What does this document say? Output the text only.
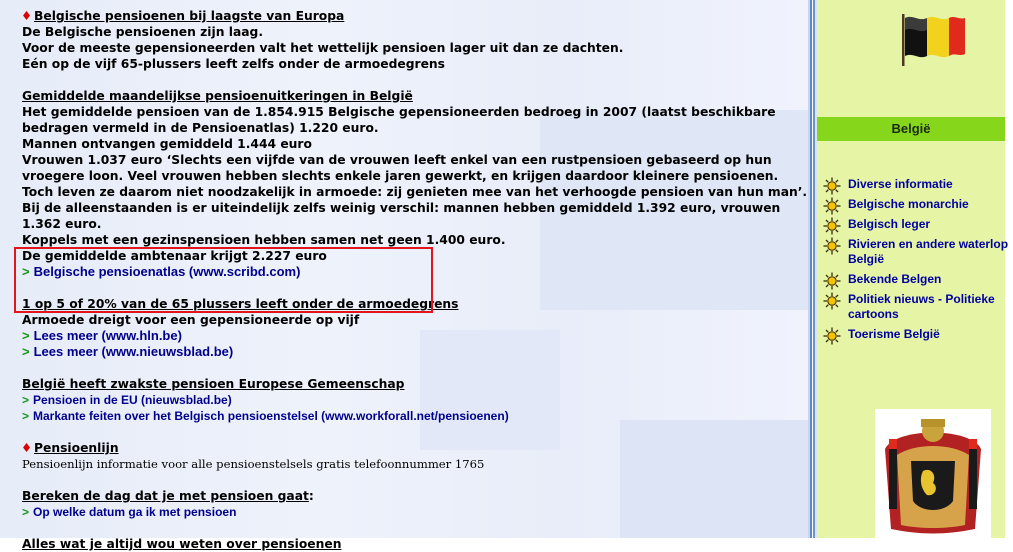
♦ Belgische pensioenen bij laagste van Europa
De Belgische pensioenen zijn laag.
Voor de meeste gepensioneerden valt het wettelijk pensioen lager uit dan ze dachten.
Eén op de vijf 65-plussers leeft zelfs onder de armoedegrens
Gemiddelde maandelijkse pensioenuitkeringen in België
Het gemiddelde pensioen van de 1.854.915 Belgische gepensioneerden bedroeg in 2007 (laatst beschikbare
bedragen vermeld in de Pensioenatlas) 1.220 euro.
Mannen ontvangen gemiddeld 1.444 euro
Vrouwen 1.037 euro ‘Slechts een vijfde van de vrouwen leeft enkel van een rustpensioen gebaseerd op hun
vroegere loon. Veel vrouwen hebben slechts enkele jaren gewerkt, en krijgen daardoor kleinere pensioenen.
Toch leven ze daarom niet noodzakelijk in armoede: zij genieten mee van het verhoogde pensioen van hun man’.
Bij de alleenstaanden is er uiteindelijk zelfs weinig verschil: mannen hebben gemiddeld 1.392 euro, vrouwen
1.362 euro.
Koppels met een gezinspensioen hebben samen net geen 1.400 euro.
De gemiddelde ambtenaar krijgt 2.227 euro
> Belgische pensioenatlas (www.scribd.com)
1 op 5 of 20% van de 65 plussers leeft onder de armoedegrens
Armoede dreigt voor een gepensioneerde op vijf
> Lees meer (www.hln.be)
> Lees meer (www.nieuwsblad.be)
België heeft zwakste pensioen Europese Gemeenschap
> Pensioen in de EU (nieuwsblad.be)
> Markante feiten over het Belgisch pensioenstelsel (www.workforall.net/pensioenen)
♦ Pensioenlijn
Pensioenlijn informatie voor alle pensioenstelsels gratis telefoonnummer 1765
Bereken de dag dat je met pensioen gaat:
> Op welke datum ga ik met pensioen
Alles wat je altijd wou weten over pensioenen
België
Diverse informatie
Belgische monarchie
Belgisch leger
Rivieren en andere waterlop
België
Bekende Belgen
Politiek nieuws - Politieke
cartoons
Toerisme België
